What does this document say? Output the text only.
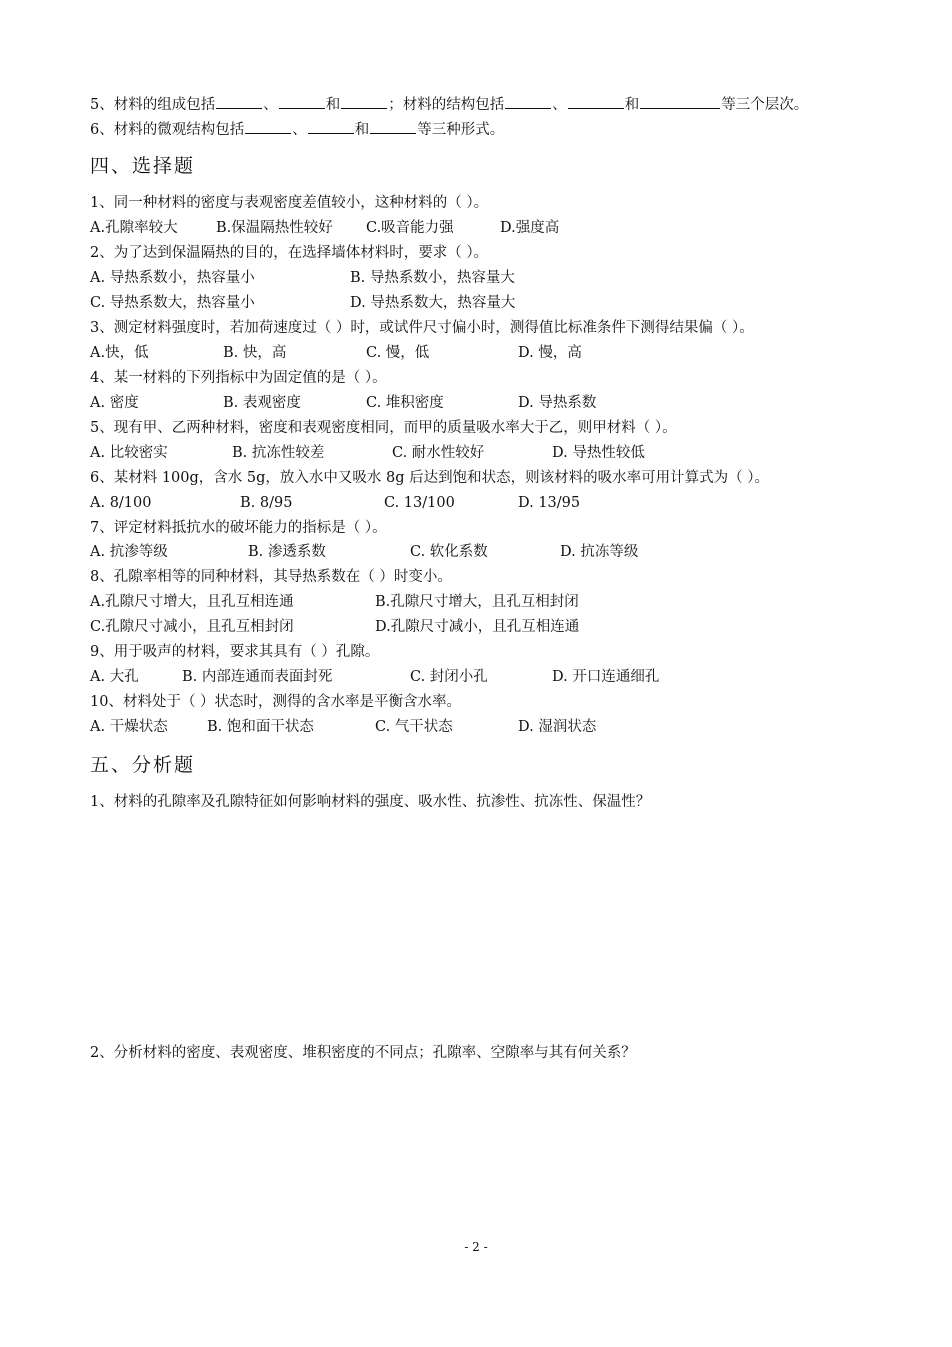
5、材料的组成包括	、	和	；材料的结构包括	、	和	等三个层次。
6、材料的微观结构包括	、	和	等三种形式。
四、选择题
1、同一种材料的密度与表观密度差值较小，这种材料的（ ）。
A.孔隙率较大	B.保温隔热性较好 C.吸音能力强	D.强度高
2、为了达到保温隔热的目的，在选择墙体材料时，要求（ ）。
A. 导热系数小，热容量小	B. 导热系数小，热容量大
C. 导热系数大，热容量小	D. 导热系数大，热容量大
3、测定材料强度时，若加荷速度过（ ）时，或试件尺寸偏小时，测得值比标准条件下测得结果偏（ ）。
A.快，低	B. 快，高	C. 慢，低	D. 慢，高
4、某一材料的下列指标中为固定值的是（ ）。
A. 密度	B. 表观密度	C. 堆积密度	D. 导热系数
5、现有甲、乙两种材料，密度和表观密度相同，而甲的质量吸水率大于乙，则甲材料（ ）。
A. 比较密实	B. 抗冻性较差	C. 耐水性较好	D. 导热性较低
6、某材料 100g，含水 5g，放入水中又吸水 8g 后达到饱和状态，则该材料的吸水率可用计算式为（ ）。
A. 8/100	B. 8/95	C. 13/100	D. 13/95
7、评定材料抵抗水的破坏能力的指标是（ ）。
A. 抗渗等级	B. 渗透系数	C. 软化系数	D. 抗冻等级
8、孔隙率相等的同种材料，其导热系数在（ ）时变小。
A.孔隙尺寸增大，且孔互相连通	B.孔隙尺寸增大，且孔互相封闭
C.孔隙尺寸减小，且孔互相封闭	D.孔隙尺寸减小，且孔互相连通
9、用于吸声的材料，要求其具有（ ）孔隙。
A. 大孔	B. 内部连通而表面封死	C. 封闭小孔	D. 开口连通细孔
10、材料处于（ ）状态时，测得的含水率是平衡含水率。
A. 干燥状态	B. 饱和面干状态	C. 气干状态	D. 湿润状态
五、分析题
1、材料的孔隙率及孔隙特征如何影响材料的强度、吸水性、抗渗性、抗冻性、保温性？
2、分析材料的密度、表观密度、堆积密度的不同点；孔隙率、空隙率与其有何关系？
- 2 -
